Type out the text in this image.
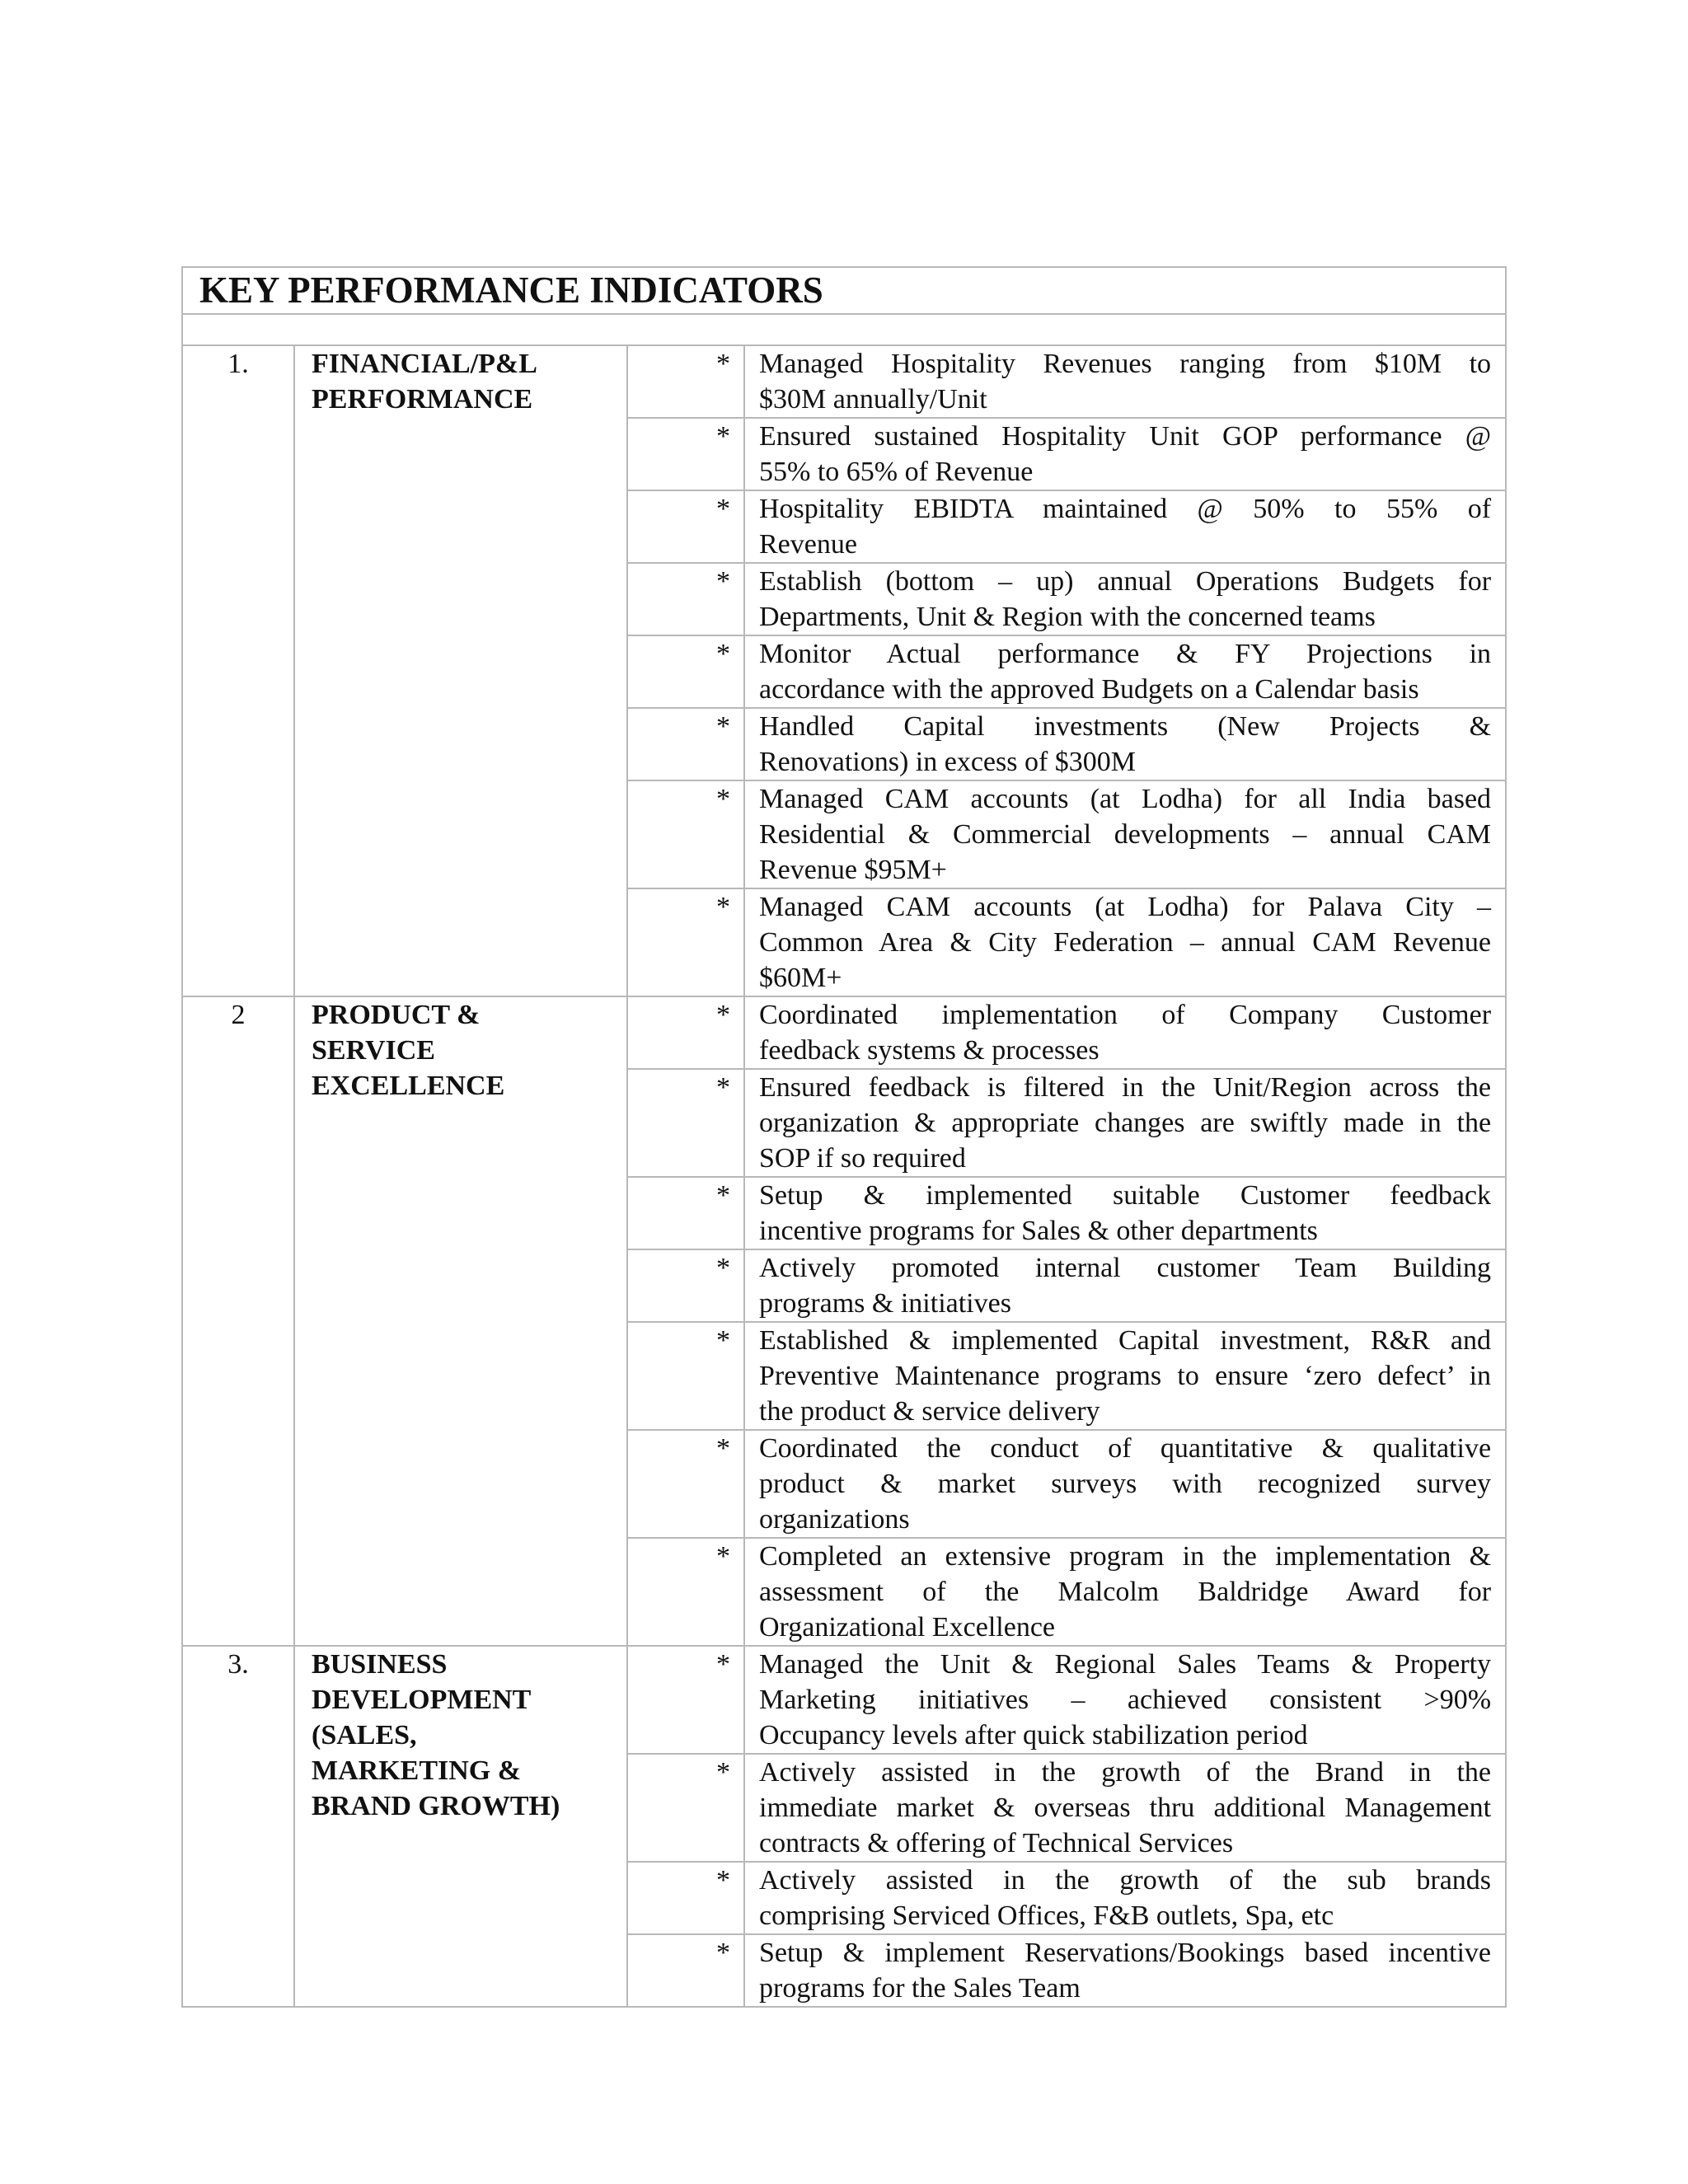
KEY PERFORMANCE INDICATORS			

1.	FINANCIAL/P&L
PERFORMANCE	*	Managed Hospitality Revenues ranging from $10M to
$30M annually/Unit

		*	Ensured sustained Hospitality Unit GOP performance @
55% to 65% of Revenue

		*	Hospitality EBIDTA maintained @ 50% to 55% of
Revenue

		*	Establish (bottom – up) annual Operations Budgets for
Departments, Unit & Region with the concerned teams

		*	Monitor Actual performance & FY Projections in
accordance with the approved Budgets on a Calendar basis

		*	Handled Capital investments (New Projects &
Renovations) in excess of $300M

		*	Managed CAM accounts (at Lodha) for all India based
Residential & Commercial developments – annual CAM
Revenue $95M+

		*	Managed CAM accounts (at Lodha) for Palava City –
Common Area & City Federation – annual CAM Revenue
$60M+

2	PRODUCT &
SERVICE
EXCELLENCE	*	Coordinated implementation of Company Customer
feedback systems & processes

		*	Ensured feedback is filtered in the Unit/Region across the
organization & appropriate changes are swiftly made in the
SOP if so required

		*	Setup & implemented suitable Customer feedback
incentive programs for Sales & other departments

		*	Actively promoted internal customer Team Building
programs & initiatives

		*	Established & implemented Capital investment, R&R and
Preventive Maintenance programs to ensure ‘zero defect’ in
the product & service delivery

		*	Coordinated the conduct of quantitative & qualitative
product & market surveys with recognized survey
organizations

		*	Completed an extensive program in the implementation &
assessment of the Malcolm Baldridge Award for
Organizational Excellence

3.	BUSINESS
DEVELOPMENT
(SALES,
MARKETING &
BRAND GROWTH)	*	Managed the Unit & Regional Sales Teams & Property
Marketing initiatives – achieved consistent >90%
Occupancy levels after quick stabilization period

		*	Actively assisted in the growth of the Brand in the
immediate market & overseas thru additional Management
contracts & offering of Technical Services

		*	Actively assisted in the growth of the sub brands
comprising Serviced Offices, F&B outlets, Spa, etc

		*	Setup & implement Reservations/Bookings based incentive
programs for the Sales Team
